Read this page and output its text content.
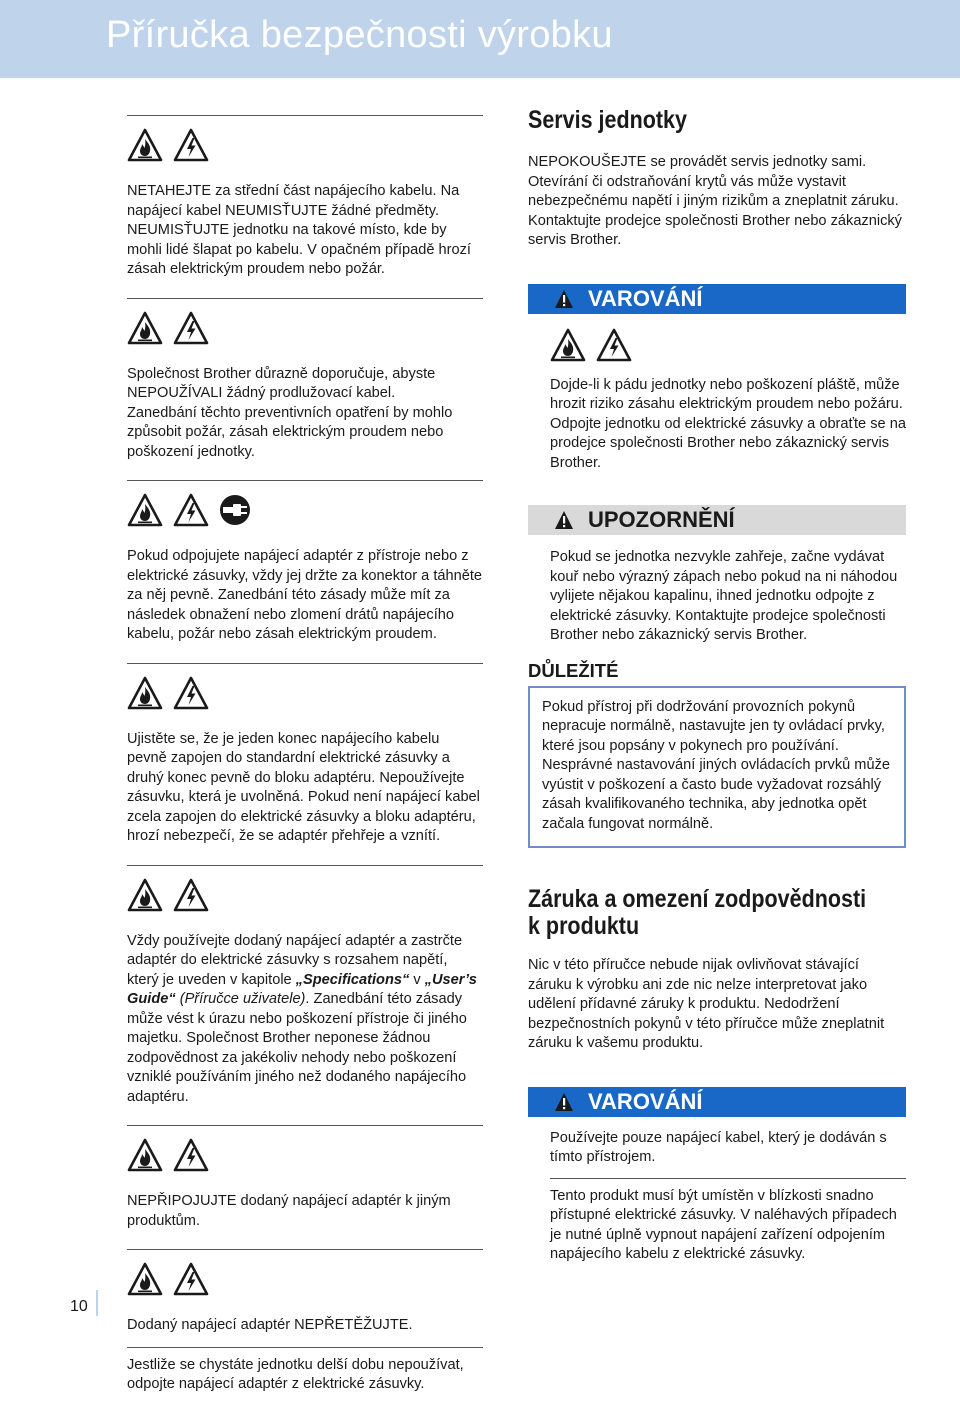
Příručka bezpečnosti výrobku

NETAHEJTE za střední část napájecího kabelu. Na napájecí kabel NEUMISŤUJTE žádné předměty. NEUMISŤUJTE jednotku na takové místo, kde by mohli lidé šlapat po kabelu. V opačném případě hrozí zásah elektrickým proudem nebo požár.

Společnost Brother důrazně doporučuje, abyste NEPOUŽÍVALI žádný prodlužovací kabel.

Zanedbání těchto preventivních opatření by mohlo způsobit požár, zásah elektrickým proudem nebo poškození jednotky.

Pokud odpojujete napájecí adaptér z přístroje nebo z elektrické zásuvky, vždy jej držte za konektor a táhněte za něj pevně. Zanedbání této zásady může mít za následek obnažení nebo zlomení drátů napájecího kabelu, požár nebo zásah elektrickým proudem.

Ujistěte se, že je jeden konec napájecího kabelu pevně zapojen do standardní elektrické zásuvky a druhý konec pevně do bloku adaptéru. Nepoužívejte zásuvku, která je uvolněná. Pokud není napájecí kabel zcela zapojen do elektrické zásuvky a bloku adaptéru, hrozí nebezpečí, že se adaptér přehřeje a vznítí.

Vždy používejte dodaný napájecí adaptér a zastrčte adaptér do elektrické zásuvky s rozsahem napětí, který je uveden v kapitole „Specifications“ v „User’s Guide“ (Příručce uživatele). Zanedbání této zásady může vést k úrazu nebo poškození přístroje či jiného majetku. Společnost Brother neponese žádnou zodpovědnost za jakékoliv nehody nebo poškození vzniklé používáním jiného než dodaného napájecího adaptéru.

NEPŘIPOJUJTE dodaný napájecí adaptér k jiným produktům.

Dodaný napájecí adaptér NEPŘETĚŽUJTE.

Jestliže se chystáte jednotku delší dobu nepoužívat, odpojte napájecí adaptér z elektrické zásuvky.

Servis jednotky

NEPOKOUŠEJTE se provádět servis jednotky sami. Otevírání či odstraňování krytů vás může vystavit nebezpečnému napětí i jiným rizikům a zneplatnit záruku. Kontaktujte prodejce společnosti Brother nebo zákaznický servis Brother.

VAROVÁNÍ

Dojde-li k pádu jednotky nebo poškození pláště, může hrozit riziko zásahu elektrickým proudem nebo požáru. Odpojte jednotku od elektrické zásuvky a obraťte se na prodejce společnosti Brother nebo zákaznický servis Brother.

UPOZORNĚNÍ

Pokud se jednotka nezvykle zahřeje, začne vydávat kouř nebo výrazný zápach nebo pokud na ni náhodou vylijete nějakou kapalinu, ihned jednotku odpojte z elektrické zásuvky. Kontaktujte prodejce společnosti Brother nebo zákaznický servis Brother.

DŮLEŽITÉ

Pokud přístroj při dodržování provozních pokynů nepracuje normálně, nastavujte jen ty ovládací prvky, které jsou popsány v pokynech pro používání. Nesprávné nastavování jiných ovládacích prvků může vyústit v poškození a často bude vyžadovat rozsáhlý zásah kvalifikovaného technika, aby jednotka opět začala fungovat normálně.

Záruka a omezení zodpovědnosti
k produktu

Nic v této příručce nebude nijak ovlivňovat stávající záruku k výrobku ani zde nic nelze interpretovat jako udělení přídavné záruky k produktu. Nedodržení bezpečnostních pokynů v této příručce může zneplatnit záruku k vašemu produktu.

VAROVÁNÍ

Používejte pouze napájecí kabel, který je dodáván s tímto přístrojem.

Tento produkt musí být umístěn v blízkosti snadno přístupné elektrické zásuvky. V naléhavých případech je nutné úplně vypnout napájení zařízení odpojením napájecího kabelu z elektrické zásuvky.

10
